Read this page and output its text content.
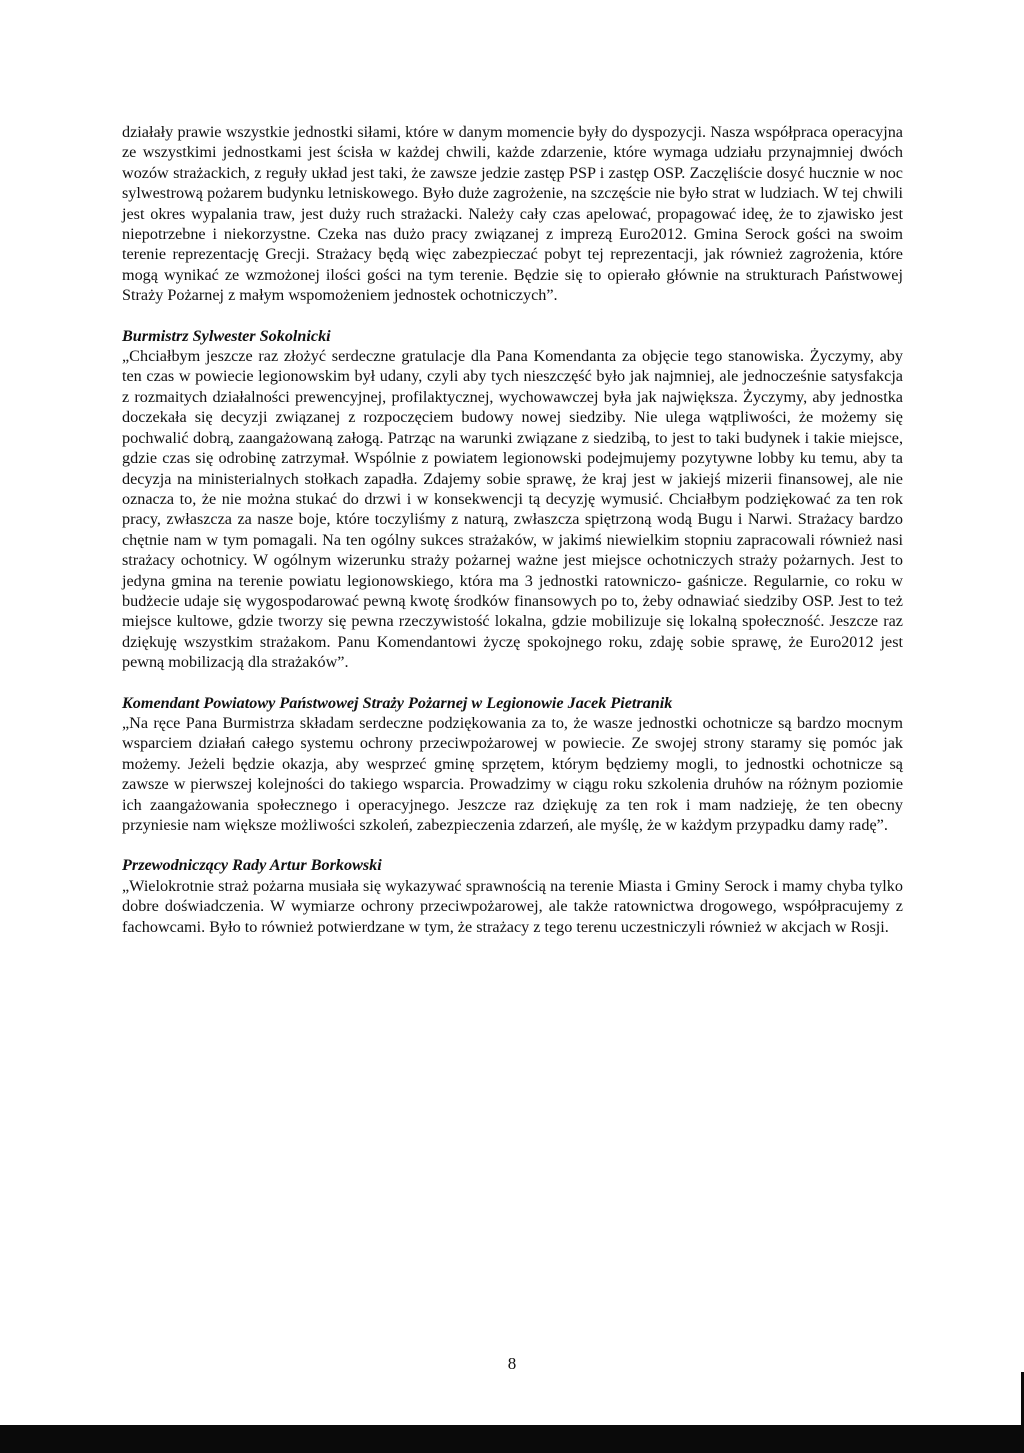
działały prawie wszystkie jednostki siłami, które w danym momencie były do dyspozycji. Nasza współpraca operacyjna ze wszystkimi jednostkami jest ścisła w każdej chwili, każde zdarzenie, które wymaga udziału przynajmniej dwóch wozów strażackich, z reguły układ jest taki, że zawsze jedzie zastęp PSP i zastęp OSP. Zaczęliście dosyć hucznie w noc sylwestrową pożarem budynku letniskowego. Było duże zagrożenie, na szczęście nie było strat w ludziach. W tej chwili jest okres wypalania traw, jest duży ruch strażacki. Należy cały czas apelować, propagować ideę, że to zjawisko jest niepotrzebne i niekorzystne. Czeka nas dużo pracy związanej z imprezą Euro2012. Gmina Serock gości na swoim terenie reprezentację Grecji. Strażacy będą więc zabezpieczać pobyt tej reprezentacji, jak również zagrożenia, które mogą wynikać ze wzmożonej ilości gości na tym terenie. Będzie się to opierało głównie na strukturach Państwowej Straży Pożarnej z małym wspomożeniem jednostek ochotniczych”.

Burmistrz Sylwester Sokolnicki

„Chciałbym jeszcze raz złożyć serdeczne gratulacje dla Pana Komendanta za objęcie tego stanowiska. Życzymy, aby ten czas w powiecie legionowskim był udany, czyli aby tych nieszczęść było jak najmniej, ale jednocześnie satysfakcja z rozmaitych działalności prewencyjnej, profilaktycznej, wychowawczej była jak największa. Życzymy, aby jednostka doczekała się decyzji związanej z rozpoczęciem budowy nowej siedziby. Nie ulega wątpliwości, że możemy się pochwalić dobrą, zaangażowaną załogą. Patrząc na warunki związane z siedzibą, to jest to taki budynek i takie miejsce, gdzie czas się odrobinę zatrzymał. Wspólnie z powiatem legionowski podejmujemy pozytywne lobby ku temu, aby ta decyzja na ministerialnych stołkach zapadła. Zdajemy sobie sprawę, że kraj jest w jakiejś mizerii finansowej, ale nie oznacza to, że nie można stukać do drzwi i w konsekwencji tą decyzję wymusić. Chciałbym podziękować za ten rok pracy, zwłaszcza za nasze boje, które toczyliśmy z naturą, zwłaszcza spiętrzoną wodą Bugu i Narwi. Strażacy bardzo chętnie nam w tym pomagali. Na ten ogólny sukces strażaków, w jakimś niewielkim stopniu zapracowali również nasi strażacy ochotnicy. W ogólnym wizerunku straży pożarnej ważne jest miejsce ochotniczych straży pożarnych. Jest to jedyna gmina na terenie powiatu legionowskiego, która ma 3 jednostki ratowniczo- gaśnicze. Regularnie, co roku w budżecie udaje się wygospodarować pewną kwotę środków finansowych po to, żeby odnawiać siedziby OSP. Jest to też miejsce kultowe, gdzie tworzy się pewna rzeczywistość lokalna, gdzie mobilizuje się lokalną społeczność. Jeszcze raz dziękuję wszystkim strażakom. Panu Komendantowi życzę spokojnego roku, zdaję sobie sprawę, że Euro2012 jest pewną mobilizacją dla strażaków”.

Komendant Powiatowy Państwowej Straży Pożarnej w Legionowie Jacek Pietranik

„Na ręce Pana Burmistrza składam serdeczne podziękowania za to, że wasze jednostki ochotnicze są bardzo mocnym wsparciem działań całego systemu ochrony przeciwpożarowej w powiecie. Ze swojej strony staramy się pomóc jak możemy. Jeżeli będzie okazja, aby wesprzeć gminę sprzętem, którym będziemy mogli, to jednostki ochotnicze są zawsze w pierwszej kolejności do takiego wsparcia. Prowadzimy w ciągu roku szkolenia druhów na różnym poziomie ich zaangażowania społecznego i operacyjnego. Jeszcze raz dziękuję za ten rok i mam nadzieję, że ten obecny przyniesie nam większe możliwości szkoleń, zabezpieczenia zdarzeń, ale myślę, że w każdym przypadku damy radę”.

Przewodniczący Rady Artur Borkowski

„Wielokrotnie straż pożarna musiała się wykazywać sprawnością na terenie Miasta i Gminy Serock i mamy chyba tylko dobre doświadczenia. W wymiarze ochrony przeciwpożarowej, ale także ratownictwa drogowego, współpracujemy z fachowcami. Było to również potwierdzane w tym, że strażacy z tego terenu uczestniczyli również w akcjach w Rosji.

8
